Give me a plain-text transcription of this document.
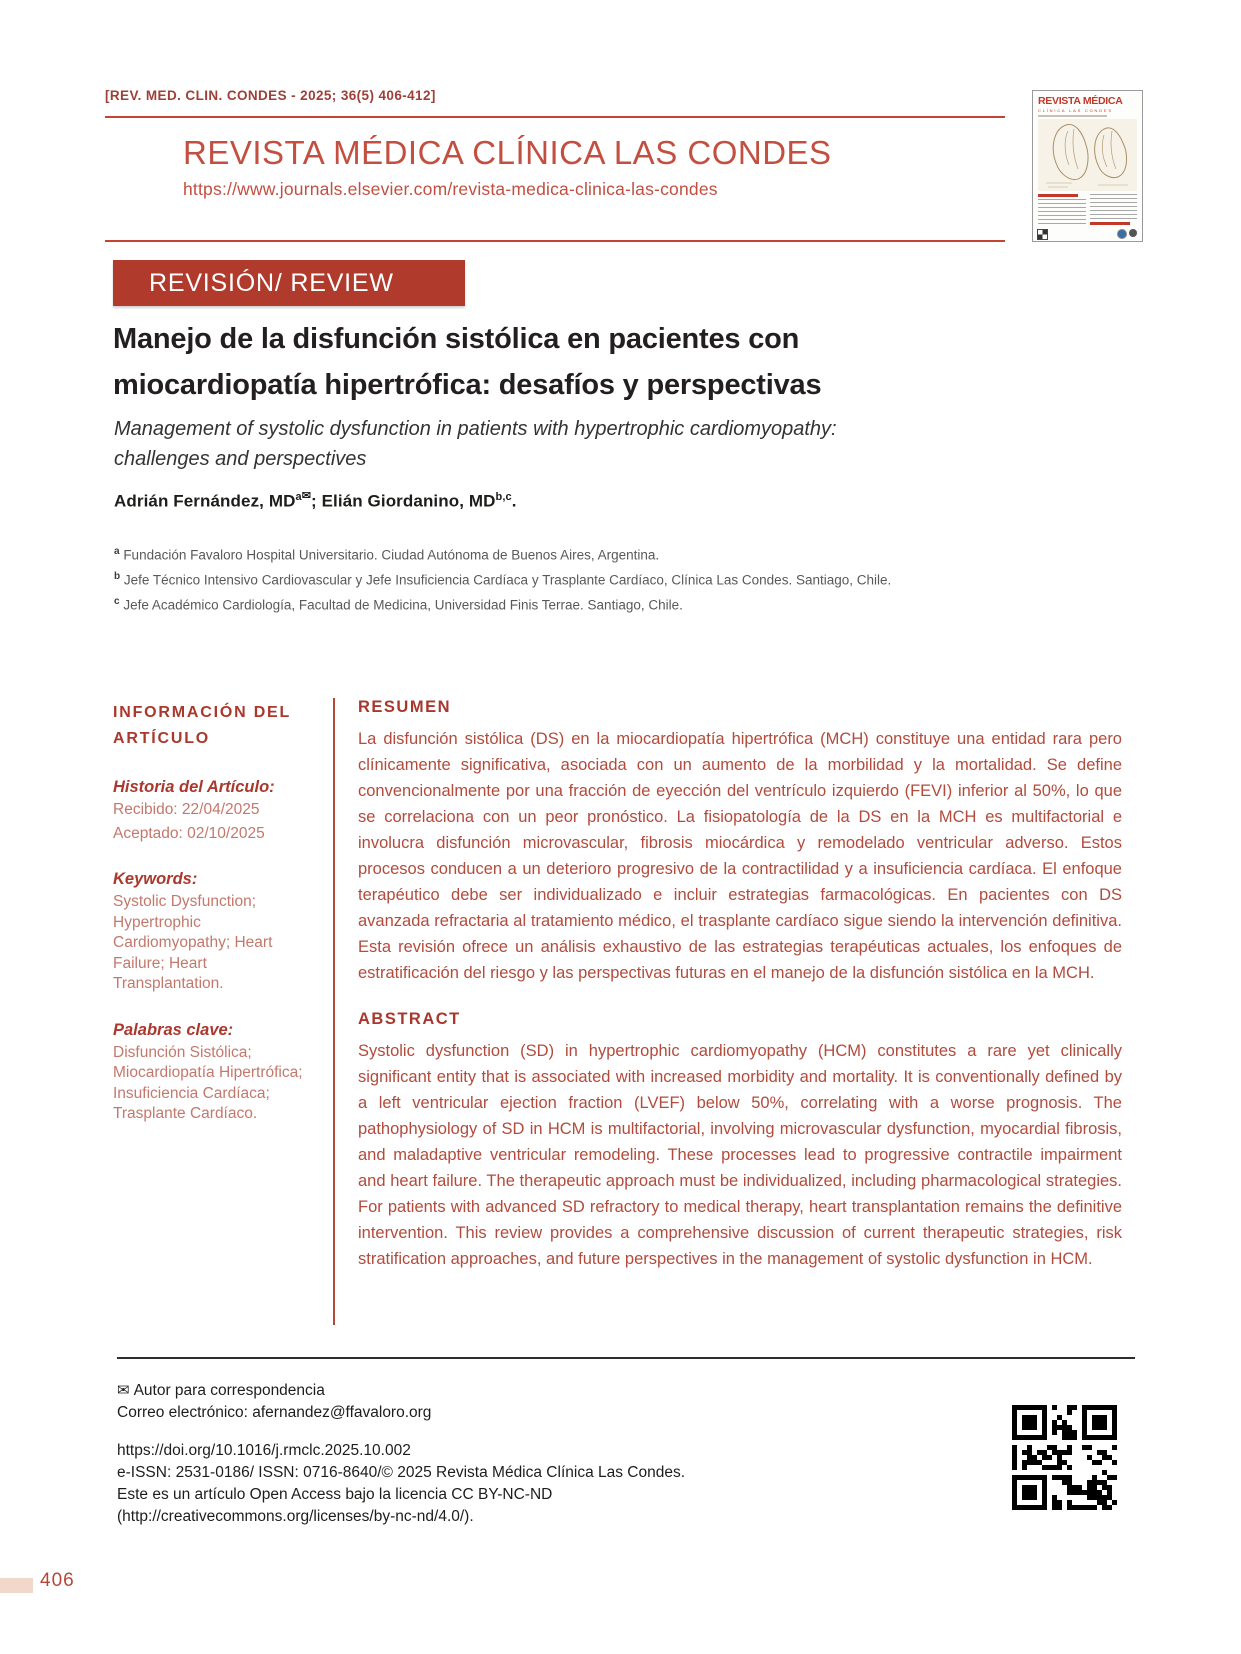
[REV. MED. CLIN. CONDES - 2025; 36(5) 406-412]
REVISTA MÉDICA CLÍNICA LAS CONDES
https://www.journals.elsevier.com/revista-medica-clinica-las-condes
REVISTA MÉDICA
CLÍNICA LAS CONDES
REVISIÓN/ REVIEW
Manejo de la disfunción sistólica en pacientes con
miocardiopatía hipertrófica: desafíos y perspectivas
Management of systolic dysfunction in patients with hypertrophic cardiomyopathy:
challenges and perspectives
Adrián Fernández, $MD^{a✉}$; Elián Giordanino, MD$^{b,c}$.
$^a$ Fundación Favaloro Hospital Universitario. Ciudad Autónoma de Buenos Aires, Argentina.
$^b$ Jefe Técnico Intensivo Cardiovascular y Jefe Insuficiencia Cardíaca y Trasplante Cardíaco, Clínica Las Condes. Santiago, Chile.
$^c$ Jefe Académico Cardiología, Facultad de Medicina, Universidad Finis Terrae. Santiago, Chile.
INFORMACIÓN DEL ARTÍCULO
Historia del Artículo:
Recibido: 22/04/2025
Aceptado: 02/10/2025
Keywords:
Systolic Dysfunction; Hypertrophic Cardiomyopathy; Heart Failure; Heart Transplantation.
Palabras clave:
Disfunción Sistólica; Miocardiopatía Hipertrófica; Insuficiencia Cardíaca; Trasplante Cardíaco.
RESUMEN
La disfunción sistólica (DS) en la miocardiopatía hipertrófica (MCH) constituye una entidad rara pero clínicamente significativa, asociada con un aumento de la morbilidad y la mortalidad. Se define convencionalmente por una fracción de eyección del ventrículo izquierdo (FEVI) inferior al 50%, lo que se correlaciona con un peor pronóstico. La fisiopatología de la DS en la MCH es multifactorial e involucra disfunción microvascular, fibrosis miocárdica y remodelado ventricular adverso. Estos procesos conducen a un deterioro progresivo de la contractilidad y a insuficiencia cardíaca. El enfoque terapéutico debe ser individualizado e incluir estrategias farmacológicas. En pacientes con DS avanzada refractaria al tratamiento médico, el trasplante cardíaco sigue siendo la intervención definitiva. Esta revisión ofrece un análisis exhaustivo de las estrategias terapéuticas actuales, los enfoques de estratificación del riesgo y las perspectivas futuras en el manejo de la disfunción sistólica en la MCH.
ABSTRACT
Systolic dysfunction (SD) in hypertrophic cardiomyopathy (HCM) constitutes a rare yet clinically significant entity that is associated with increased morbidity and mortality. It is conventionally defined by a left ventricular ejection fraction (LVEF) below 50%, correlating with a worse prognosis. The pathophysiology of SD in HCM is multifactorial, involving microvascular dysfunction, myocardial fibrosis, and maladaptive ventricular remodeling. These processes lead to progressive contractile impairment and heart failure. The therapeutic approach must be individualized, including pharmacological strategies. For patients with advanced SD refractory to medical therapy, heart transplantation remains the definitive intervention. This review provides a comprehensive discussion of current therapeutic strategies, risk stratification approaches, and future perspectives in the management of systolic dysfunction in HCM.
✉ Autor para correspondencia
Correo electrónico: afernandez@ffavaloro.org
https://doi.org/10.1016/j.rmclc.2025.10.002
e-ISSN: 2531-0186/ ISSN: 0716-8640/© 2025 Revista Médica Clínica Las Condes.
Este es un artículo Open Access bajo la licencia CC BY-NC-ND
(http://creativecommons.org/licenses/by-nc-nd/4.0/).
406
